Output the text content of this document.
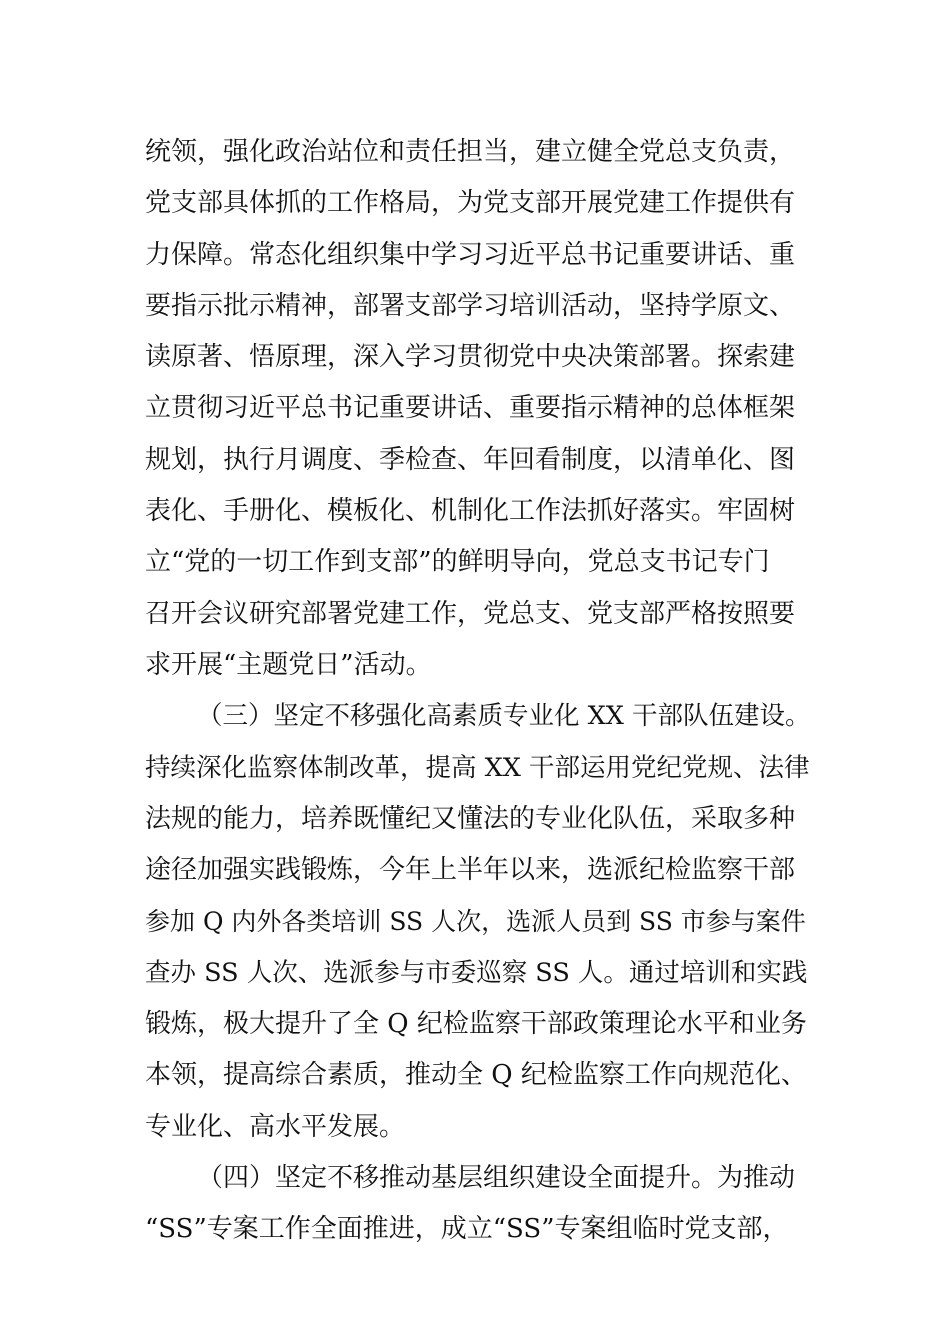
统领，强化政治站位和责任担当，建立健全党总支负责，
党支部具体抓的工作格局，为党支部开展党建工作提供有
力保障。常态化组织集中学习习近平总书记重要讲话、重
要指示批示精神，部署支部学习培训活动，坚持学原文、
读原著、悟原理，深入学习贯彻党中央决策部署。探索建
立贯彻习近平总书记重要讲话、重要指示精神的总体框架
规划，执行月调度、季检查、年回看制度，以清单化、图
表化、手册化、模板化、机制化工作法抓好落实。牢固树
立“党的一切工作到支部”的鲜明导向，党总支书记专门
召开会议研究部署党建工作，党总支、党支部严格按照要
求开展“主题党日”活动。
（三）坚定不移强化高素质专业化 XX 干部队伍建设。
持续深化监察体制改革，提高 XX 干部运用党纪党规、法律
法规的能力，培养既懂纪又懂法的专业化队伍，采取多种
途径加强实践锻炼，今年上半年以来，选派纪检监察干部
参加 Q 内外各类培训 SS 人次，选派人员到 SS 市参与案件
查办 SS 人次、选派参与市委巡察 SS 人。通过培训和实践
锻炼，极大提升了全 Q 纪检监察干部政策理论水平和业务
本领，提高综合素质，推动全 Q 纪检监察工作向规范化、
专业化、高水平发展。
（四）坚定不移推动基层组织建设全面提升。为推动
“SS”专案工作全面推进，成立“SS”专案组临时党支部，
